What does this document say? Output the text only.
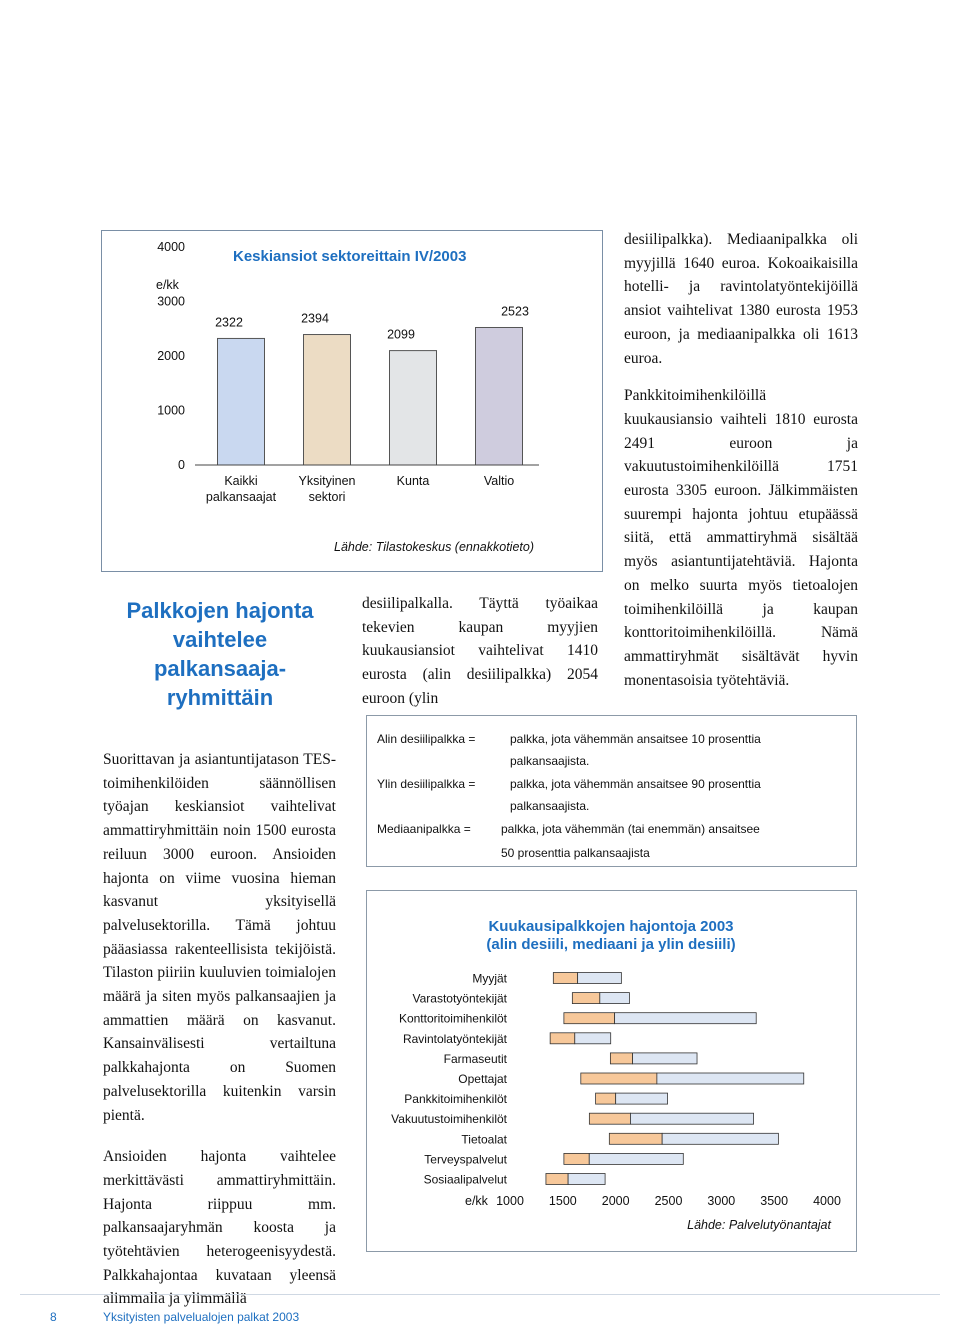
Keskiansiot sektoreittain IV/2003
e/kk
4000
3000
2000
1000
0
2322	2394
2099
2523
Kaikki
palkansaajat
Yksityinen
sektori
Kunta	Valtio
Lähde: Tilastokeskus (ennakkotieto)
Palkkojen hajonta
vaihtelee
palkansaaja-
ryhmittäin

Suorittavan ja asiantuntijatason TES-toimihenkilöiden säännöllisen työajan keskiansiot vaihtelivat ammattiryhmittäin noin 1500 eurosta reiluun 3000 euroon. Ansioiden hajonta on viime vuosina hieman kasvanut yksityisellä palvelusektorilla. Tämä johtuu pääasiassa rakenteellisista tekijöistä. Tilaston piiriin kuuluvien toimialojen määrä ja siten myös palkansaajien ja ammattien määrä on kasvanut. Kansainvälisesti vertailtuna palkkahajonta on Suomen palvelusektorilla kuitenkin varsin pientä.

Ansioiden hajonta vaihtelee merkittävästi ammattiryhmittäin. Hajonta riippuu mm. palkansaajaryhmän koosta ja työtehtävien heterogeenisyydestä. Palkkahajontaa kuvataan yleensä alimmalla ja ylimmällä

desiilipalkalla. Täyttä työaikaa tekevien kaupan myyjien kuukausiansiot vaihtelivat 1410 eurosta (alin desiilipalkka) 2054 euroon (ylin

desiilipalkka). Mediaanipalkka oli myyjillä 1640 euroa. Kokoaikaisilla hotelli- ja ravintolatyöntekijöillä ansiot vaihtelivat 1380 eurosta 1953 euroon, ja mediaanipalkka oli 1613 euroa.

Pankkitoimihenkilöillä kuukausiansio vaihteli 1810 eurosta 2491 euroon ja vakuutustoimihenkilöillä 1751 eurosta 3305 euroon. Jälkimmäisten suurempi hajonta johtuu etupäässä siitä, että ammattiryhmä sisältää myös asiantuntijatehtäviä. Hajonta on melko suurta myös tietoalojen toimihenkilöillä ja kaupan konttoritoimihenkilöillä. Nämä ammattiryhmät sisältävät hyvin monentasoisia työtehtäviä.

Alin desiilipalkka =	palkka, jota vähemmän ansaitsee 10 prosenttia
palkansaajista.
Ylin desiilipalkka =	palkka, jota vähemmän ansaitsee 90 prosenttia
palkansaajista.
Mediaanipalkka =	palkka, jota vähemmän (tai enemmän) ansaitsee
50 prosenttia palkansaajista
Kuukausipalkkojen hajontoja 2003
(alin desiili, mediaani ja ylin desiili)
Myyjät
Varastotyöntekijät
Konttoritoimihenkilöt
Ravintolatyöntekijät
Farmaseutit
Opettajat
Pankkitoimihenkilöt
Vakuutustoimihenkilöt
Tietoalat
Terveyspalvelut
Sosiaalipalvelut
e/kk 1000 1500 2000 2500 3000 3500 4000
Lähde: Palvelutyönantajat
8	Yksityisten palvelualojen palkat 2003
